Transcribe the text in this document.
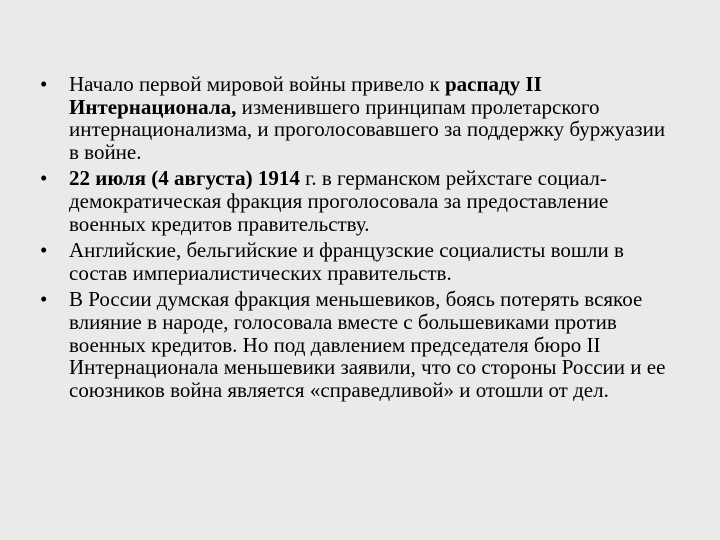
•	Начало первой мировой войны привело к распаду II Интернационала, изменившего принципам пролетарского интернационализма, и проголосовавшего за поддержку буржуазии в войне.
•	22 июля (4 августа) 1914 г. в германском рейхстаге социал-демократическая фракция проголосовала за предоставление военных кредитов правительству.
•	Английские, бельгийские и французские социалисты вошли в состав империалистических правительств.
•	В России думская фракция меньшевиков, боясь потерять всякое влияние в народе, голосовала вместе с большевиками против военных кредитов. Но под давлением председателя бюро II Интернационала меньшевики заявили, что со стороны России и ее союзников война является «справедливой» и отошли от дел.
